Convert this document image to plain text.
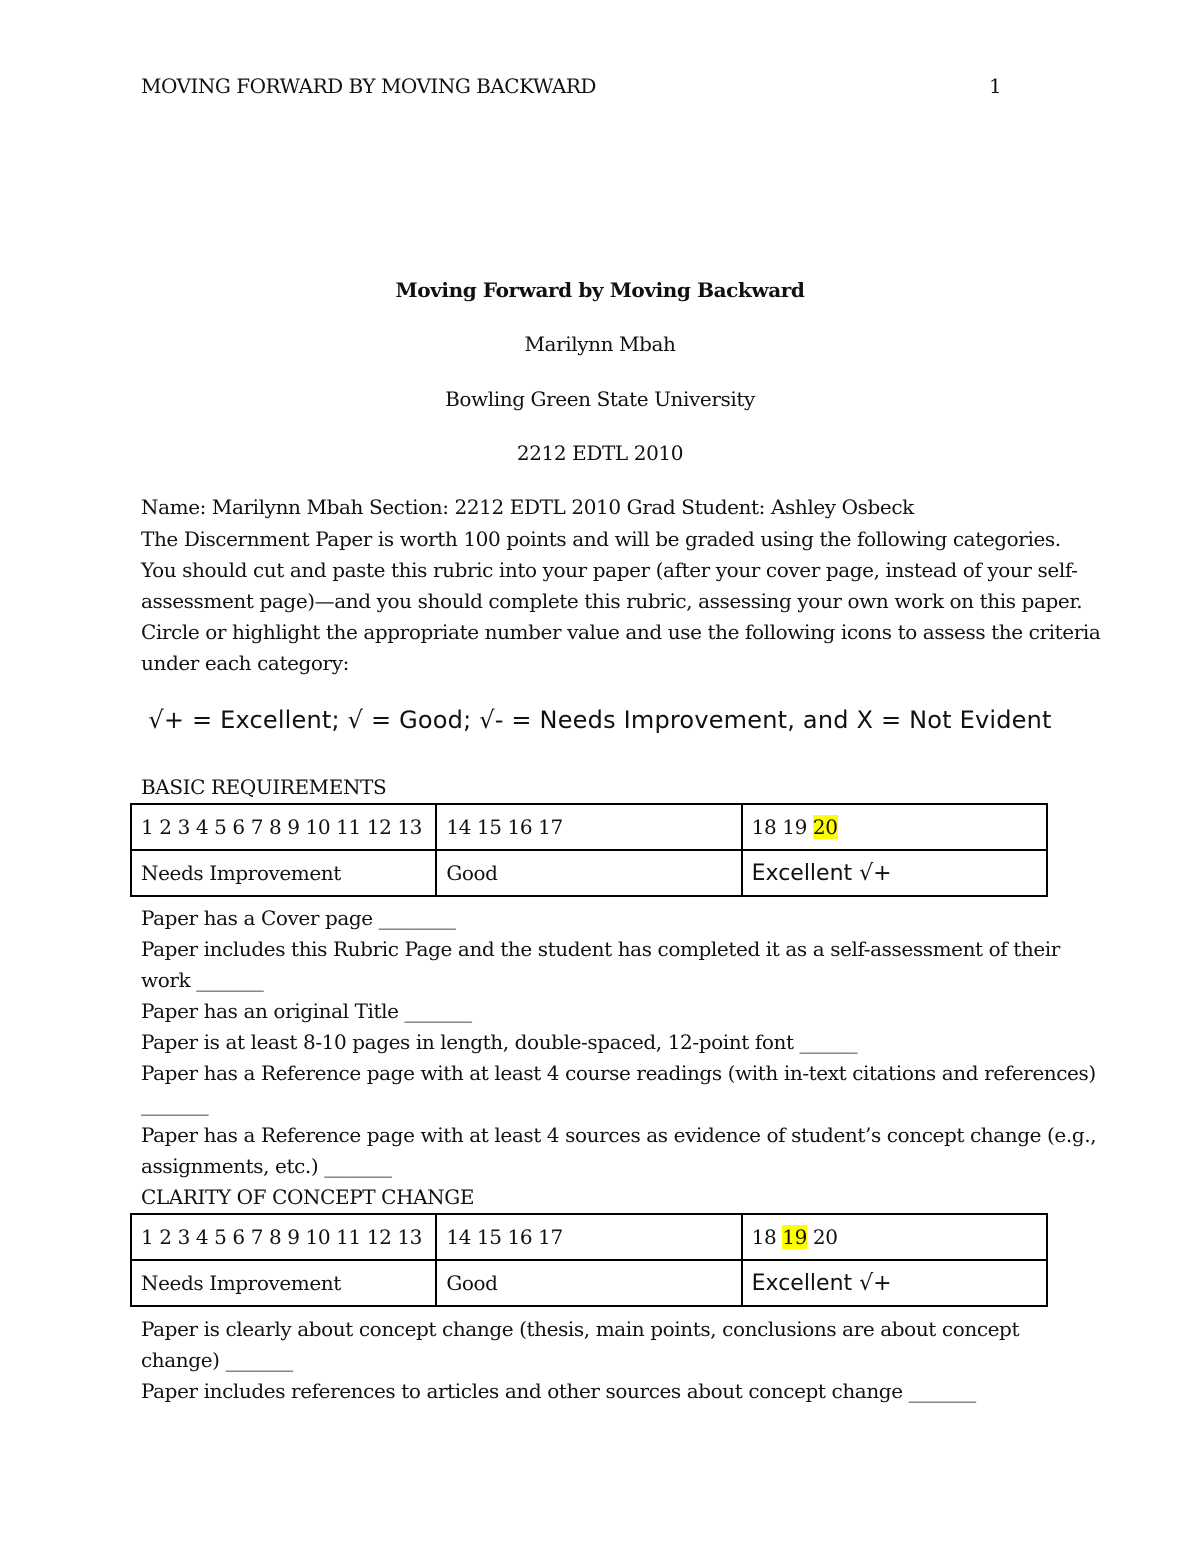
MOVING FORWARD BY MOVING BACKWARD	1
Moving Forward by Moving Backward
Marilynn Mbah
Bowling Green State University
2212 EDTL 2010
Name: Marilynn Mbah Section: 2212 EDTL 2010 Grad Student: Ashley Osbeck
The Discernment Paper is worth 100 points and will be graded using the following categories.
You should cut and paste this rubric into your paper (after your cover page, instead of your self-
assessment page)—and you should complete this rubric, assessing your own work on this paper.
Circle or highlight the appropriate number value and use the following icons to assess the criteria
under each category:
√+ = Excellent; √ = Good; √- = Needs Improvement, and X = Not Evident
BASIC REQUIREMENTS
1 2 3 4 5 6 7 8 9 10 11 12 13	14 15 16 17	18 19 20
Needs Improvement	Good	Excellent √+
Paper has a Cover page ________
Paper includes this Rubric Page and the student has completed it as a self-assessment of their
work _______
Paper has an original Title _______
Paper is at least 8-10 pages in length, double-spaced, 12-point font ______
Paper has a Reference page with at least 4 course readings (with in-text citations and references)
_______
Paper has a Reference page with at least 4 sources as evidence of student’s concept change (e.g.,
assignments, etc.) _______
CLARITY OF CONCEPT CHANGE
1 2 3 4 5 6 7 8 9 10 11 12 13	14 15 16 17	18 19 20
Needs Improvement	Good	Excellent √+
Paper is clearly about concept change (thesis, main points, conclusions are about concept
change) _______
Paper includes references to articles and other sources about concept change _______
